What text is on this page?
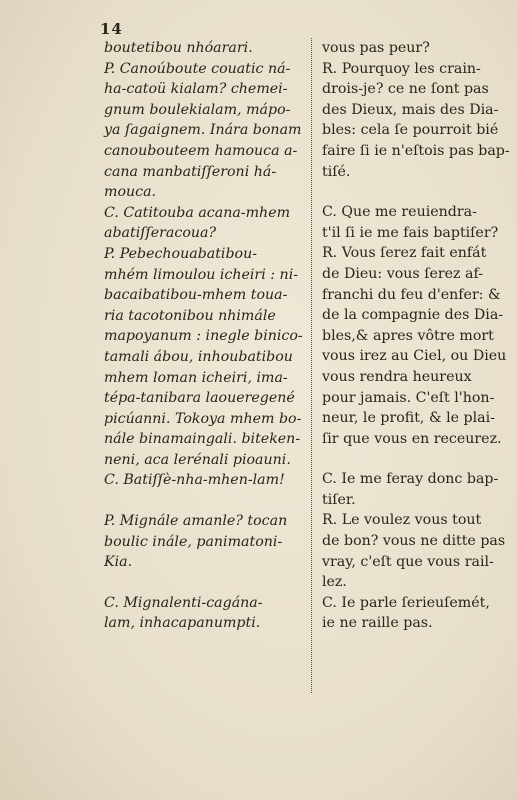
14
boutetibou nhóarari.
P. Canoúboute couatic ná-
ha-catoü kialam? chemei-
gnum boulekialam, mápo-
ya ſagaignem. Inára bonam
canoubouteem hamouca a-
cana manbatiſſeroni há-
mouca.
C. Catitouba acana-mhem
abatiſſeracoua?
P. Pebechouabatibou-
mhém limoulou icheiri : ni-
bacaibatibou-mhem toua-
ria tacotonibou nhimále
mapoyanum : inegle binico-
tamali ábou, inhoubatibou
mhem loman icheiri, ima-
tépa-tanibara laoueregené
picúanni. Tokoya mhem bo-
nále binamaingali. biteken-
neni, aca lerénali pioauni.
C. Batiſſè-nha-mhen-lam!
P. Mignále amanle? tocan
boulic inále, panimatoni-
Kia.
C. Mignalenti-cagána-
lam, inhacapanumpti.
vous pas peur?
R. Pourquoy les crain-
drois-je? ce ne ſont pas
des Dieux, mais des Dia-
bles: cela ſe pourroit bié
faire ſi ie n'eſtois pas bap-
tiſé.
C. Que me reuiendra-
t'il ſi ie me fais baptiſer?
R. Vous ſerez fait enfát
de Dieu: vous ſerez af-
franchi du feu d'enfer: &
de la compagnie des Dia-
bles,& apres vôtre mort
vous irez au Ciel, ou Dieu
vous rendra heureux
pour jamais. C'eſt l'hon-
neur, le profit, & le plai-
ſir que vous en receurez.
C. Ie me feray donc bap-
tiſer.
R. Le voulez vous tout
de bon? vous ne ditte pas
vray, c'eſt que vous rail-
lez.
C. Ie parle ſerieuſemét,
ie ne raille pas.
